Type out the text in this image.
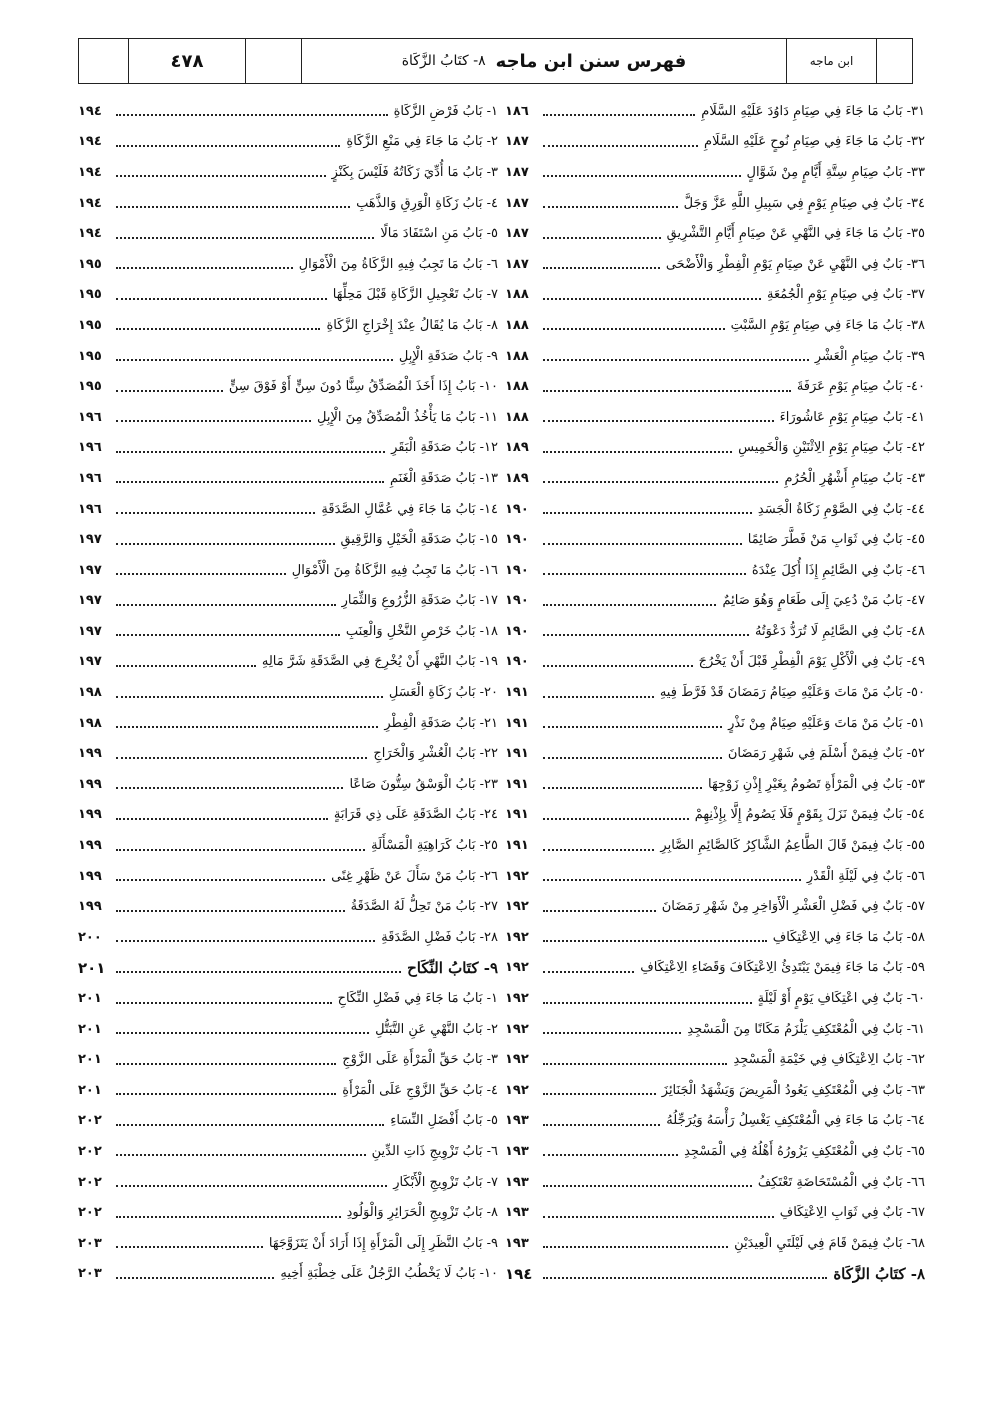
٤٧٨	فهرس سنن ابن ماجه
٨- كتَابُ الزَّكَاة	ابن ماجه
٣١- بَابُ مَا جَاءَ فِي صِيَامِ دَاوُدَ عَلَيْهِ السَّلَامِ
١٨٦
٣٢- بَابُ مَا جَاءَ فِي صِيَامِ نُوحٍ عَلَيْهِ السَّلَامِ
١٨٧
٣٣- بَابُ صِيَامِ سِتَّةِ أَيَّامٍ مِنْ شَوَّالٍ
١٨٧
٣٤- بَابٌ فِي صِيَامِ يَوْمٍ فِي سَبِيلِ اللَّهِ عَزَّ وَجَلَّ
١٨٧
٣٥- بَابُ مَا جَاءَ فِي النَّهْيِ عَنْ صِيَامِ أَيَّامِ التَّشْرِيقِ
١٨٧
٣٦- بَابٌ فِي النَّهْيِ عَنْ صِيَامِ يَوْمِ الْفِطْرِ وَالْأَضْحَى
١٨٧
٣٧- بَابٌ فِي صِيَامِ يَوْمِ الْجُمُعَةِ
١٨٨
٣٨- بَابُ مَا جَاءَ فِي صِيَامِ يَوْمِ السَّبْتِ
١٨٨
٣٩- بَابُ صِيَامِ الْعَشْرِ
١٨٨
٤٠- بَابُ صِيَامِ يَوْمِ عَرَفَةَ
١٨٨
٤١- بَابُ صِيَامِ يَوْمِ عَاشُورَاءَ
١٨٨
٤٢- بَابُ صِيَامِ يَوْمِ الِاثْنَيْنِ وَالْخَمِيسِ
١٨٩
٤٣- بَابُ صِيَامِ أَشْهُرِ الْحُرُمِ
١٨٩
٤٤- بَابٌ فِي الصَّوْمِ زَكَاةُ الْجَسَدِ
١٩٠
٤٥- بَابٌ فِي ثَوَابِ مَنْ فَطَّرَ صَائِمًا
١٩٠
٤٦- بَابٌ فِي الصَّائِمِ إِذَا أُكِلَ عِنْدَهُ
١٩٠
٤٧- بَابُ مَنْ دُعِيَ إِلَى طَعَامٍ وَهُوَ صَائِمٌ
١٩٠
٤٨- بَابٌ فِي الصَّائِمِ لَا تُرَدُّ دَعْوَتُهُ
١٩٠
٤٩- بَابٌ فِي الْأَكْلِ يَوْمَ الْفِطْرِ قَبْلَ أَنْ يَخْرُجَ
١٩٠
٥٠- بَابُ مَنْ مَاتَ وَعَلَيْهِ صِيَامُ رَمَضَانَ قَدْ فَرَّطَ فِيهِ
١٩١
٥١- بَابُ مَنْ مَاتَ وَعَلَيْهِ صِيَامٌ مِنْ نَذْرٍ
١٩١
٥٢- بَابٌ فِيمَنْ أَسْلَمَ فِي شَهْرِ رَمَضَانَ
١٩١
٥٣- بَابٌ فِي الْمَرْأَةِ تَصُومُ بِغَيْرِ إِذْنِ زَوْجِهَا
١٩١
٥٤- بَابٌ فِيمَنْ نَزَلَ بِقَوْمٍ فَلَا يَصُومُ إِلَّا بِإِذْنِهِمْ
١٩١
٥٥- بَابٌ فِيمَنْ قَالَ الطَّاعِمُ الشَّاكِرُ كَالصَّائِمِ الصَّابِرِ
١٩١
٥٦- بَابٌ فِي لَيْلَةِ الْقَدْرِ
١٩٢
٥٧- بَابٌ فِي فَضْلِ الْعَشْرِ الْأَوَاخِرِ مِنْ شَهْرِ رَمَضَانَ
١٩٢
٥٨- بَابُ مَا جَاءَ فِي الِاعْتِكَافِ
١٩٢
٥٩- بَابُ مَا جَاءَ فِيمَنْ يَبْتَدِئُ الِاعْتِكَافَ وَقَضَاءِ الِاعْتِكَافِ
١٩٢
٦٠- بَابٌ فِي اعْتِكَافِ يَوْمٍ أَوْ لَيْلَةٍ
١٩٢
٦١- بَابٌ فِي الْمُعْتَكِفِ يَلْزَمُ مَكَانًا مِنَ الْمَسْجِدِ
١٩٢
٦٢- بَابُ الِاعْتِكَافِ فِي خَيْمَةِ الْمَسْجِدِ
١٩٢
٦٣- بَابٌ فِي الْمُعْتَكِفِ يَعُودُ الْمَرِيضَ وَيَشْهَدُ الْجَنَائِزَ
١٩٢
٦٤- بَابُ مَا جَاءَ فِي الْمُعْتَكِفِ يَغْسِلُ رَأْسَهُ وَيُرَجِّلُهُ
١٩٣
٦٥- بَابٌ فِي الْمُعْتَكِفِ يَزُورُهُ أَهْلُهُ فِي الْمَسْجِدِ
١٩٣
٦٦- بَابٌ فِي الْمُسْتَحَاضَةِ تَعْتَكِفُ
١٩٣
٦٧- بَابٌ فِي ثَوَابِ الِاعْتِكَافِ
١٩٣
٦٨- بَابٌ فِيمَنْ قَامَ فِي لَيْلَتَيِ الْعِيدَيْنِ
١٩٣
٨- كتَابُ الزَّكَاة
١٩٤
١- بَابُ فَرْضِ الزَّكَاةِ
١٩٤
٢- بَابُ مَا جَاءَ فِي مَنْعِ الزَّكَاةِ
١٩٤
٣- بَابُ مَا أُدِّيَ زَكَاتُهُ فَلَيْسَ بِكَنْزٍ
١٩٤
٤- بَابُ زَكَاةِ الْوَرِقِ وَالذَّهَبِ
١٩٤
٥- بَابُ مَنِ اسْتَفَادَ مَالًا
١٩٤
٦- بَابُ مَا تَجِبُ فِيهِ الزَّكَاةُ مِنَ الْأَمْوَالِ
١٩٥
٧- بَابُ تَعْجِيلِ الزَّكَاةِ قَبْلَ مَحِلِّهَا
١٩٥
٨- بَابُ مَا يُقَالُ عِنْدَ إِخْرَاجِ الزَّكَاةِ
١٩٥
٩- بَابُ صَدَقَةِ الْإِبِلِ
١٩٥
١٠- بَابُ إِذَا أَخَذَ الْمُصَدِّقُ سِنًّا دُونَ سِنٍّ أَوْ فَوْقَ سِنٍّ
١٩٥
١١- بَابُ مَا يَأْخُذُ الْمُصَدِّقُ مِنَ الْإِبِلِ
١٩٦
١٢- بَابُ صَدَقَةِ الْبَقَرِ
١٩٦
١٣- بَابُ صَدَقَةِ الْغَنَمِ
١٩٦
١٤- بَابُ مَا جَاءَ فِي عُمَّالِ الصَّدَقَةِ
١٩٦
١٥- بَابُ صَدَقَةِ الْخَيْلِ وَالرَّقِيقِ
١٩٧
١٦- بَابُ مَا تَجِبُ فِيهِ الزَّكَاةُ مِنَ الْأَمْوَالِ
١٩٧
١٧- بَابُ صَدَقَةِ الزُّرُوعِ وَالثِّمَارِ
١٩٧
١٨- بَابُ خَرْصِ النَّخْلِ وَالْعِنَبِ
١٩٧
١٩- بَابُ النَّهْيِ أَنْ يُخْرِجَ فِي الصَّدَقَةِ شَرَّ مَالِهِ
١٩٧
٢٠- بَابُ زَكَاةِ الْعَسَلِ
١٩٨
٢١- بَابُ صَدَقَةِ الْفِطْرِ
١٩٨
٢٢- بَابُ الْعُشْرِ وَالْخَرَاجِ
١٩٩
٢٣- بَابُ الْوَسْقُ سِتُّونَ صَاعًا
١٩٩
٢٤- بَابُ الصَّدَقَةِ عَلَى ذِي قَرَابَةٍ
١٩٩
٢٥- بَابُ كَرَاهِيَةِ الْمَسْأَلَةِ
١٩٩
٢٦- بَابُ مَنْ سَأَلَ عَنْ ظَهْرِ غِنًى
١٩٩
٢٧- بَابُ مَنْ تَحِلُّ لَهُ الصَّدَقَةُ
١٩٩
٢٨- بَابُ فَضْلِ الصَّدَقَةِ
٢٠٠
٩- كتَابُ النِّكَاح
٢٠١
١- بَابُ مَا جَاءَ فِي فَضْلِ النِّكَاحِ
٢٠١
٢- بَابُ النَّهْيِ عَنِ التَّبَتُّلِ
٢٠١
٣- بَابُ حَقِّ الْمَرْأَةِ عَلَى الزَّوْجِ
٢٠١
٤- بَابُ حَقِّ الزَّوْجِ عَلَى الْمَرْأَةِ
٢٠١
٥- بَابُ أَفْضَلِ النِّسَاءِ
٢٠٢
٦- بَابُ تَزْوِيجِ ذَاتِ الدِّينِ
٢٠٢
٧- بَابُ تَزْوِيجِ الْأَبْكَارِ
٢٠٢
٨- بَابُ تَزْوِيجِ الْحَرَائِرِ وَالْوَلُودِ
٢٠٢
٩- بَابُ النَّظَرِ إِلَى الْمَرْأَةِ إِذَا أَرَادَ أَنْ يَتَزَوَّجَهَا
٢٠٣
١٠- بَابُ لَا يَخْطُبُ الرَّجُلُ عَلَى خِطْبَةِ أَخِيهِ
٢٠٣
